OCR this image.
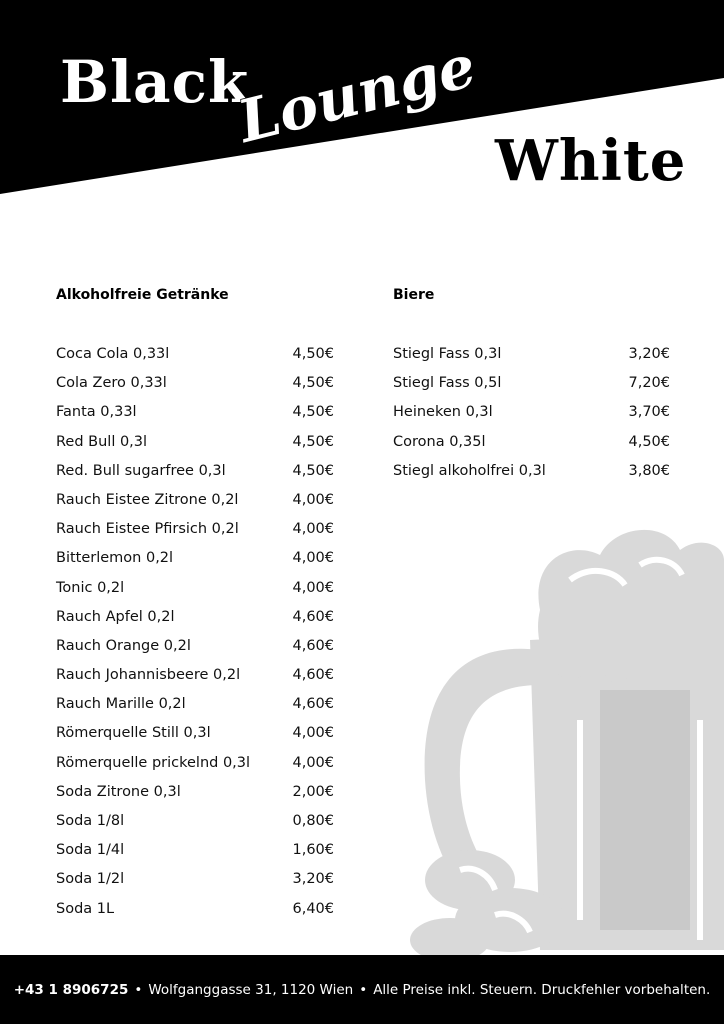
Black
Lounge
White
Alkoholfreie Getränke
Coca Cola 0,33l	4,50€
Cola Zero 0,33l	4,50€
Fanta 0,33l	4,50€
Red Bull 0,3l	4,50€
Red. Bull sugarfree 0,3l	4,50€
Rauch Eistee Zitrone 0,2l	4,00€
Rauch Eistee Pfirsich 0,2l	4,00€
Bitterlemon 0,2l	4,00€
Tonic 0,2l	4,00€
Rauch Apfel 0,2l	4,60€
Rauch Orange 0,2l	4,60€
Rauch Johannisbeere 0,2l	4,60€
Rauch Marille 0,2l	4,60€
Römerquelle Still 0,3l	4,00€
Römerquelle prickelnd 0,3l	4,00€
Soda Zitrone 0,3l	2,00€
Soda 1/8l	0,80€
Soda 1/4l	1,60€
Soda 1/2l	3,20€
Soda 1L	6,40€
Biere
Stiegl Fass 0,3l	3,20€
Stiegl Fass 0,5l	7,20€
Heineken 0,3l	3,70€
Corona 0,35l	4,50€
Stiegl alkoholfrei 0,3l	3,80€
+43 1 8906725 • Wolfganggasse 31, 1120 Wien • Alle Preise inkl. Steuern. Druckfehler vorbehalten.
